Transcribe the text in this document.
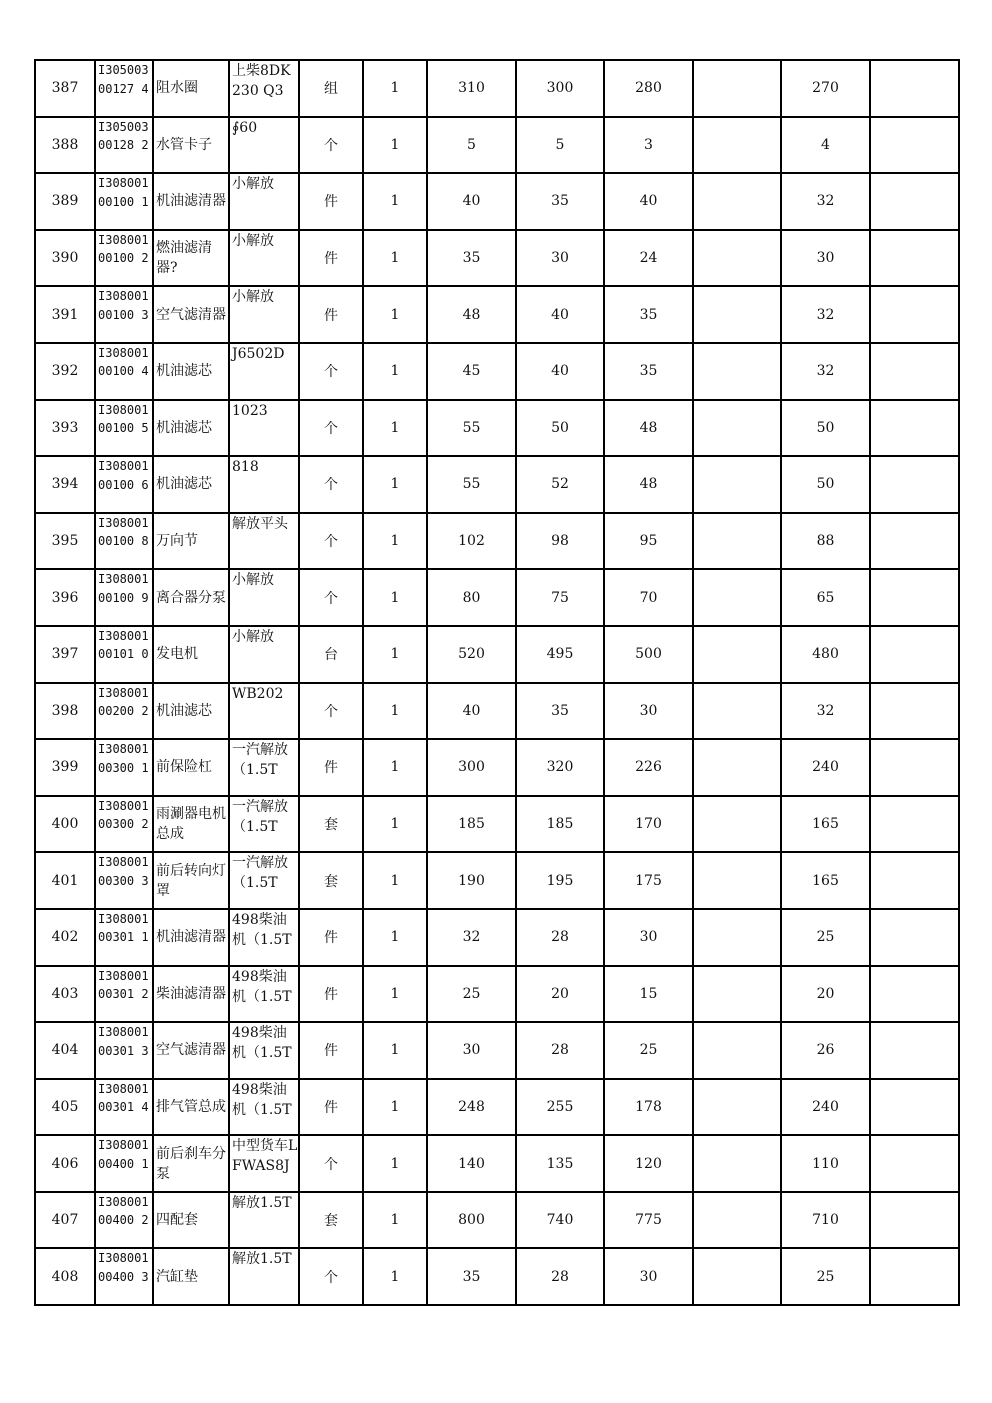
387	I30500300127 4	阻水圈	上柴8DK230 Q3	组	1	310	300	280		270	
388	I30500300128 2	水管卡子	∮60	个	1	5	5	3		4	
389	I30800100100 1	机油滤清器	小解放	件	1	40	35	40		32	
390	I30800100100 2	燃油滤清器?	小解放	件	1	35	30	24		30	
391	I30800100100 3	空气滤清器	小解放	件	1	48	40	35		32	
392	I30800100100 4	机油滤芯	J6502D	个	1	45	40	35		32	
393	I30800100100 5	机油滤芯	1023	个	1	55	50	48		50	
394	I30800100100 6	机油滤芯	818	个	1	55	52	48		50	
395	I30800100100 8	万向节	解放平头	个	1	102	98	95		88	
396	I30800100100 9	离合器分泵	小解放	个	1	80	75	70		65	
397	I30800100101 0	发电机	小解放	台	1	520	495	500		480	
398	I30800100200 2	机油滤芯	WB202	个	1	40	35	30		32	
399	I30800100300 1	前保险杠	一汽解放（1.5T	件	1	300	320	226		240	
400	I30800100300 2	雨涮器电机总成	一汽解放（1.5T	套	1	185	185	170		165	
401	I30800100300 3	前后转向灯罩	一汽解放（1.5T	套	1	190	195	175		165	
402	I30800100301 1	机油滤清器	498柴油机（1.5T	件	1	32	28	30		25	
403	I30800100301 2	柴油滤清器	498柴油机（1.5T	件	1	25	20	15		20	
404	I30800100301 3	空气滤清器	498柴油机（1.5T	件	1	30	28	25		26	
405	I30800100301 4	排气管总成	498柴油机（1.5T	件	1	248	255	178		240	
406	I30800100400 1	前后刹车分泵	中型货车LFWAS8J	个	1	140	135	120		110	
407	I30800100400 2	四配套	解放1.5T	套	1	800	740	775		710	
408	I30800100400 3	汽缸垫	解放1.5T	个	1	35	28	30		25	
